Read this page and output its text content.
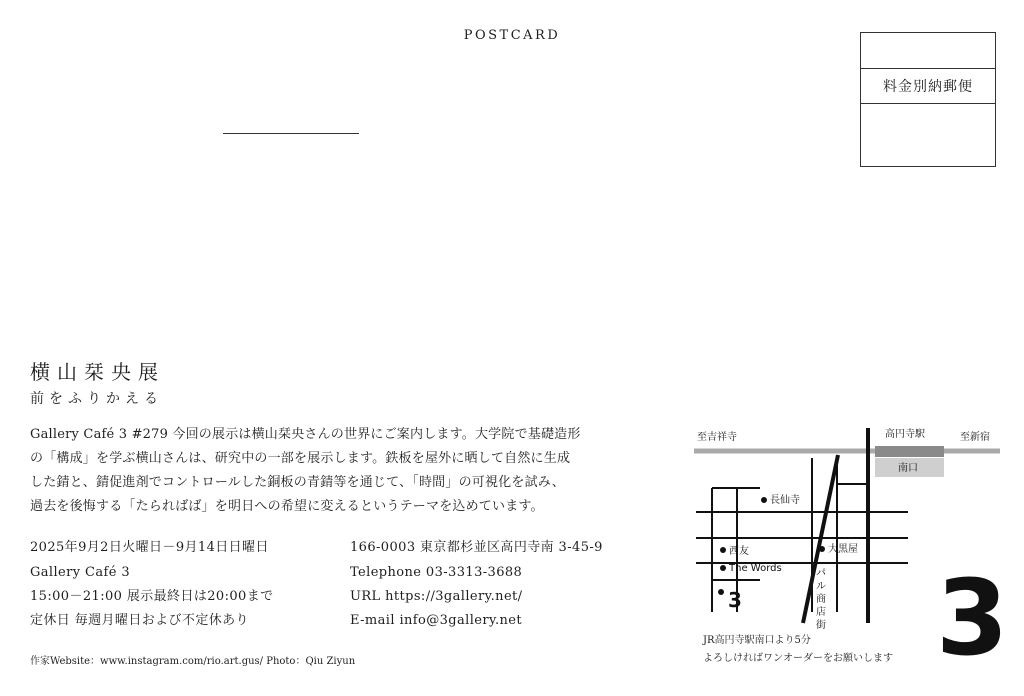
POSTCARD
料金別納郵便
横山栞央展
前をふりかえる
Gallery Café 3 #279 今回の展示は横山栞央さんの世界にご案内します。大学院で基礎造形
の「構成」を学ぶ横山さんは、研究中の一部を展示します。鉄板を屋外に晒して自然に生成
した錆と、錆促進剤でコントロールした銅板の青錆等を通じて、「時間」の可視化を試み、
過去を後悔する「たらればば」を明日への希望に変えるというテーマを込めています。
2025年9月2日火曜日－9月14日日曜日
Gallery Café 3
15:00－21:00 展示最終日は20:00まで
定休日 毎週月曜日および不定休あり
166-0003 東京都杉並区高円寺南 3-45-9
Telephone 03-3313-3688
URL https://3gallery.net/
E-mail info@3gallery.net
作家Website：www.instagram.com/rio.art.gus/ Photo：Qiu Ziyun
至吉祥寺	高円寺駅	至新宿
南口
長仙寺
西友	大黒屋
The Words
3
パ
ル
商
店
街
JR高円寺駅南口より5分
よろしければワンオーダーをお願いします 3
